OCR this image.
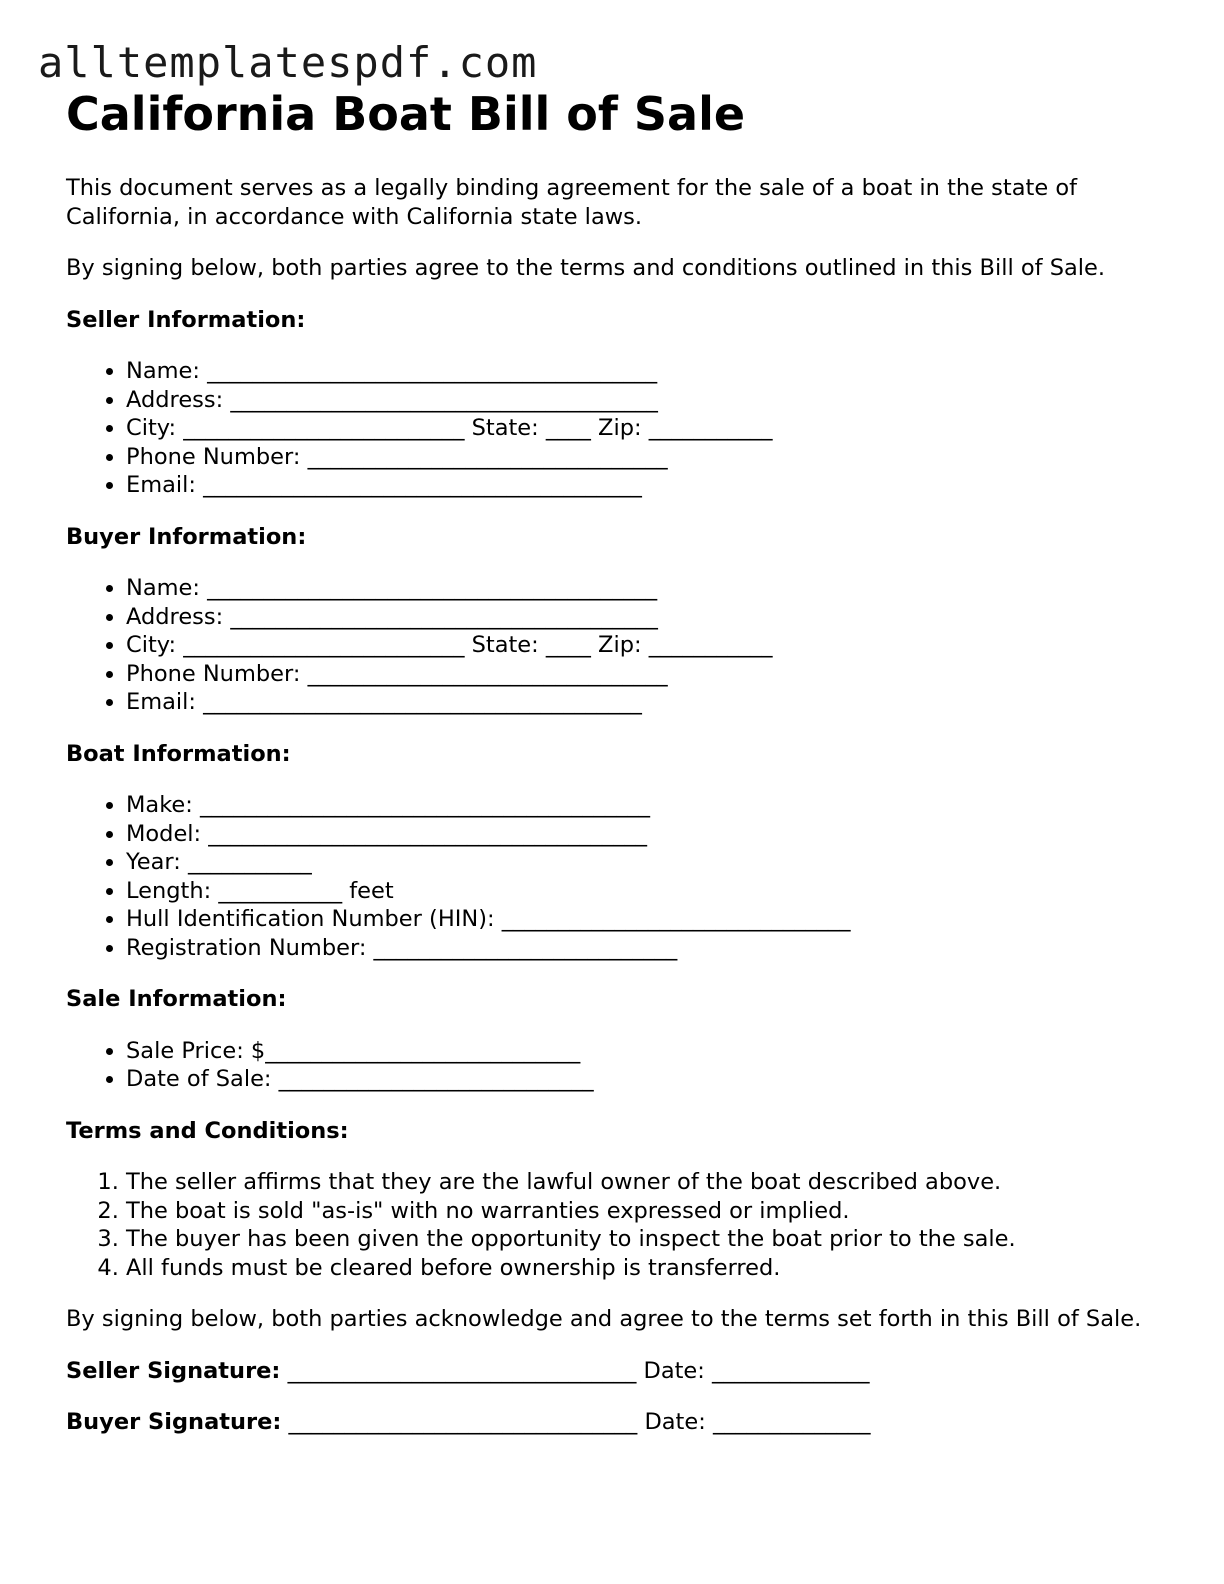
alltemplatespdf.com
California Boat Bill of Sale

This document serves as a legally binding agreement for the sale of a boat in the state of California, in accordance with California state laws.

By signing below, both parties agree to the terms and conditions outlined in this Bill of Sale.

Seller Information:
• Name: ________________________________________
• Address: ______________________________________
• City: _________________________ State: ____ Zip: ___________
• Phone Number: ________________________________
• Email: _______________________________________
Buyer Information:
• Name: ________________________________________
• Address: ______________________________________
• City: _________________________ State: ____ Zip: ___________
• Phone Number: ________________________________
• Email: _______________________________________
Boat Information:
• Make: ________________________________________
• Model: _______________________________________
• Year: ___________
• Length: ___________ feet
• Hull Identification Number (HIN): _______________________________
• Registration Number: ___________________________
Sale Information:
• Sale Price: $____________________________
• Date of Sale: ____________________________
Terms and Conditions:
1. The seller affirms that they are the lawful owner of the boat described above.
2. The boat is sold "as-is" with no warranties expressed or implied.
3. The buyer has been given the opportunity to inspect the boat prior to the sale.
4. All funds must be cleared before ownership is transferred.

By signing below, both parties acknowledge and agree to the terms set forth in this Bill of Sale.

Seller Signature: _______________________________ Date: ______________
Buyer Signature: _______________________________ Date: ______________
